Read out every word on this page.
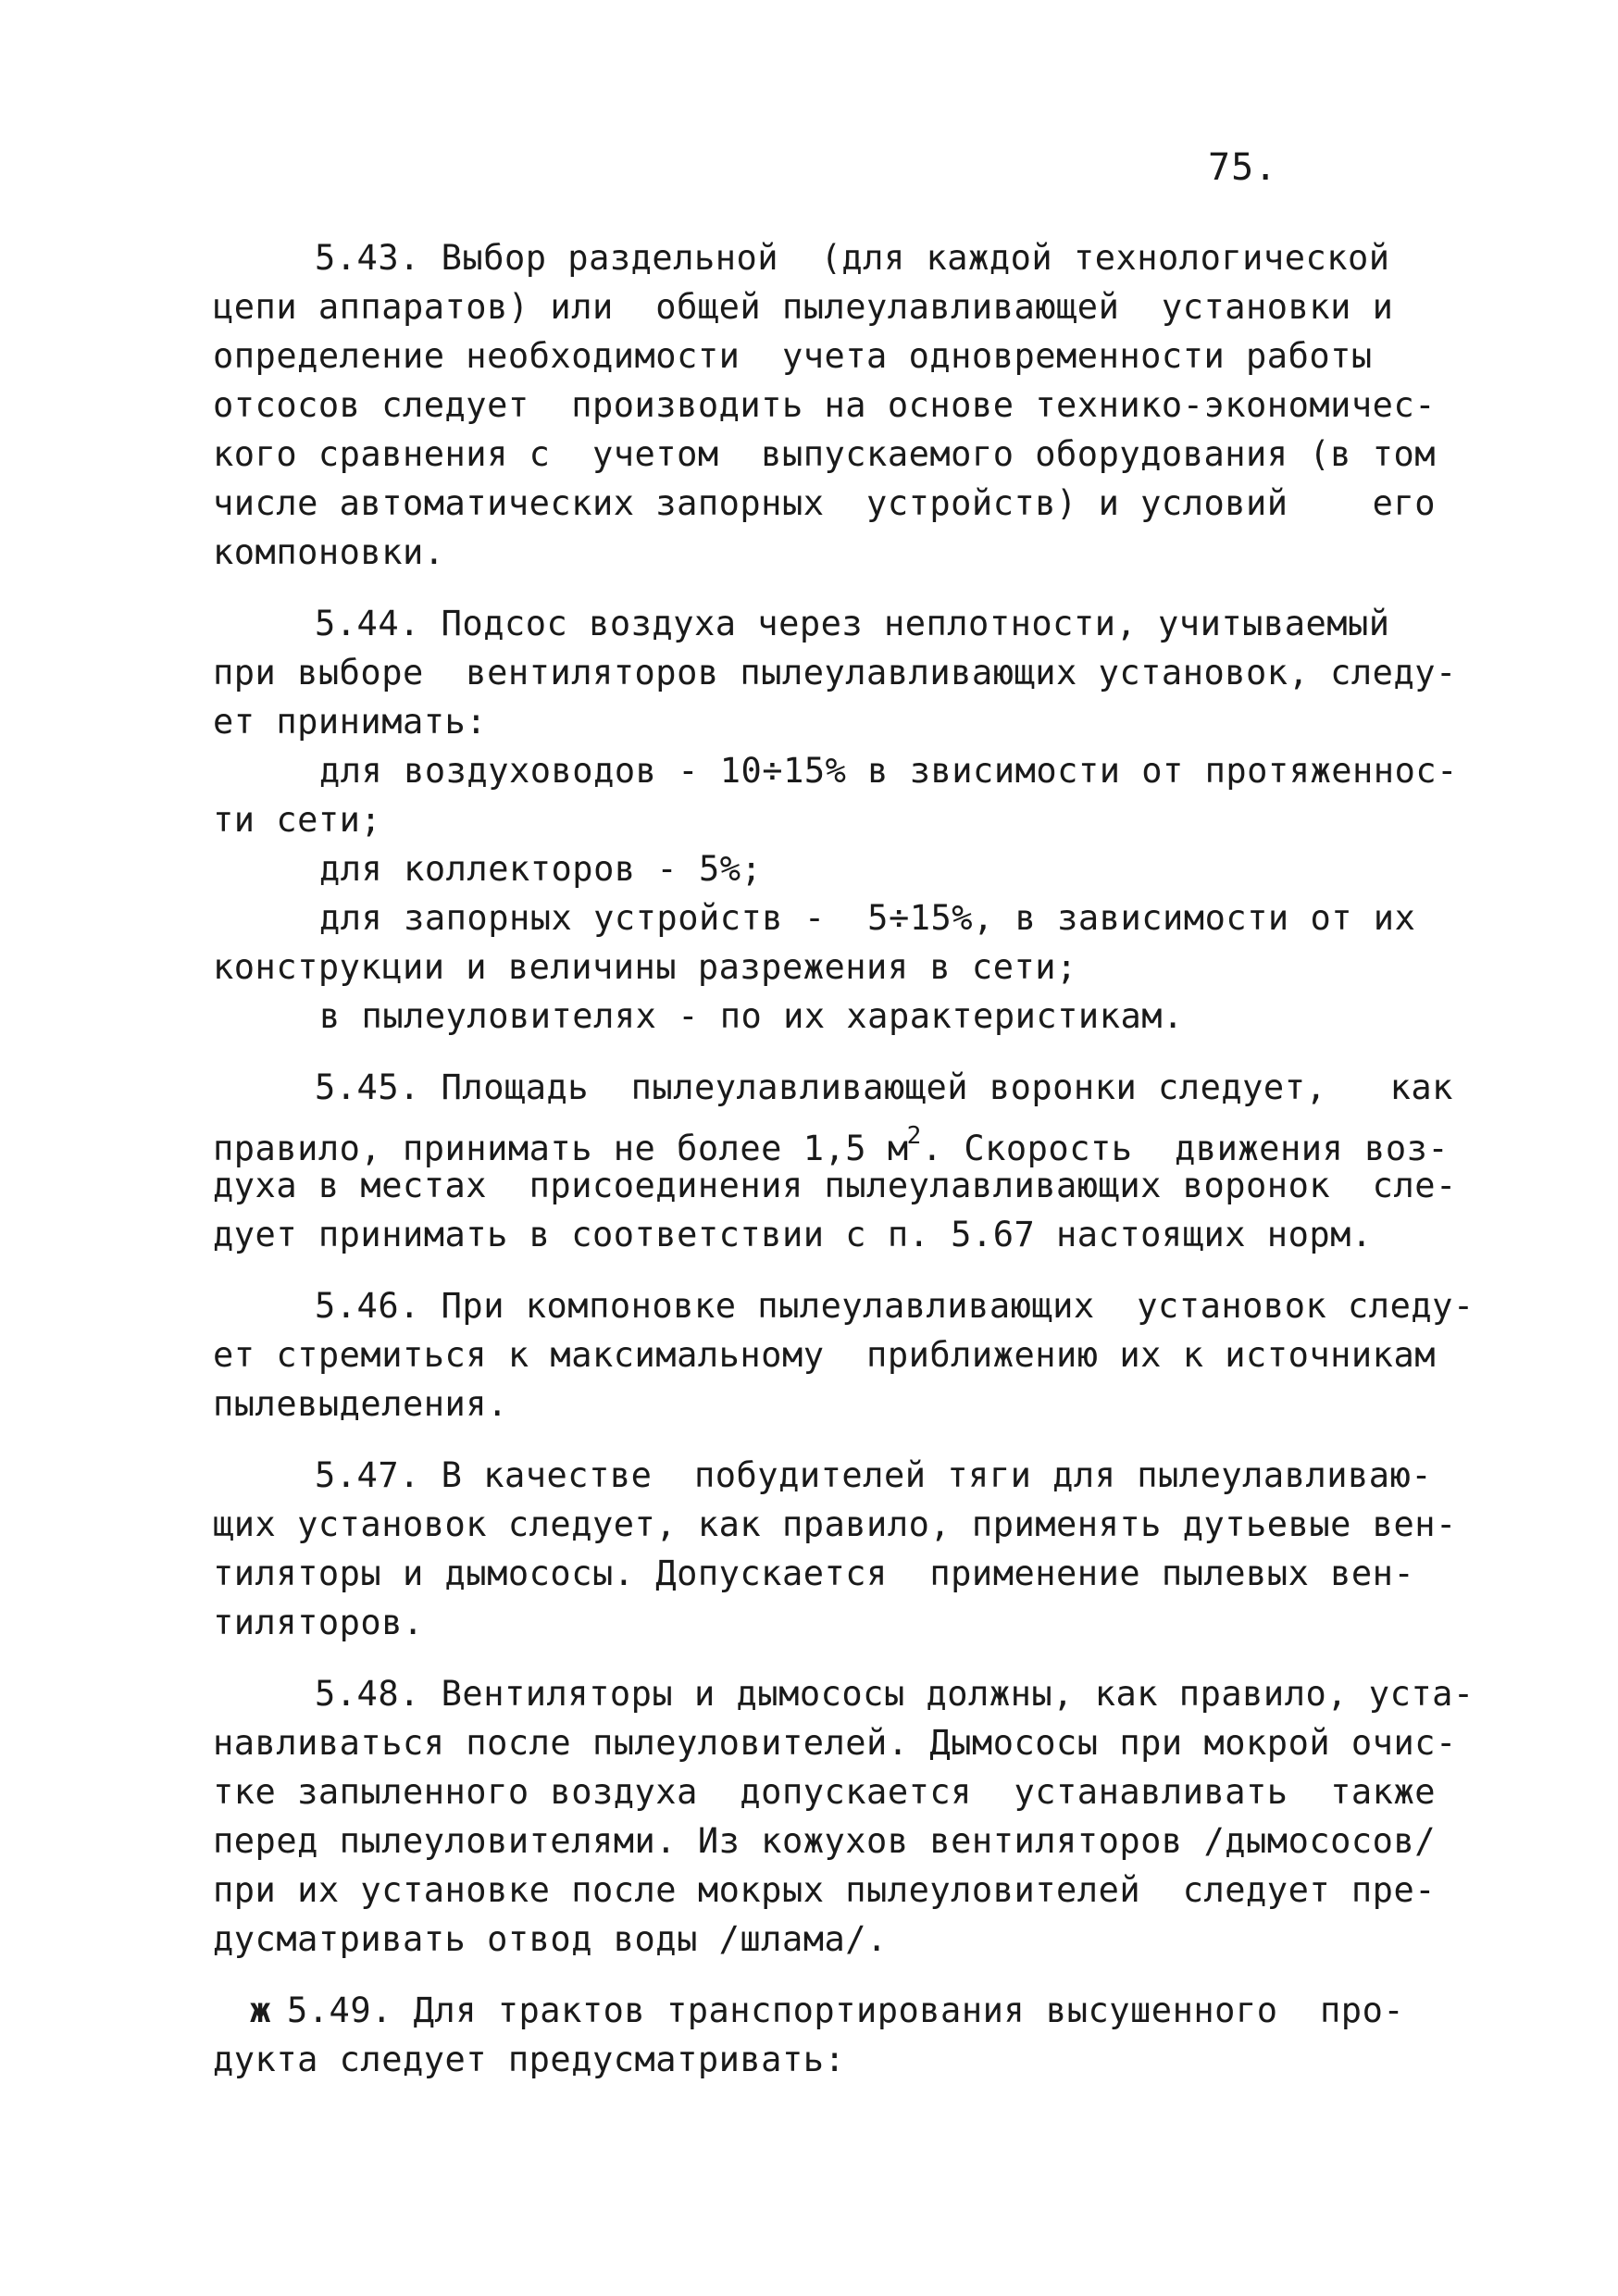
75.
5.43. Выбор раздельной  (для каждой технологической
цепи аппаратов) или  общей пылеулавливающей  установки и
определение необходимости  учета одновременности работы
отсосов следует  производить на основе технико-экономичес-
кого сравнения с  учетом  выпускаемого оборудования (в том
числе автоматических запорных  устройств) и условий    его
компоновки.
5.44. Подсос воздуха через неплотности, учитываемый
при выборе  вентиляторов пылеулавливающих установок, следу-
ет принимать:
для воздуховодов - 10÷15% в звисимости от протяженнос-
ти сети;
для коллекторов - 5%;
для запорных устройств -  5÷15%, в зависимости от их
конструкции и величины разрежения в сети;
в пылеуловителях - по их характеристикам.
5.45. Площадь  пылеулавливающей воронки следует,   как
правило, принимать не более 1,5 $м^2$. Скорость  движения воз-
духа в местах  присоединения пылеулавливающих воронок  сле-
дует принимать в соответствии с п. 5.67 настоящих норм.
5.46. При компоновке пылеулавливающих  установок следу-
ет стремиться к максимальному  приближению их к источникам
пылевыделения.
5.47. В качестве  побудителей тяги для пылеулавливаю-
щих установок следует, как правило, применять дутьевые вен-
тиляторы и дымососы. Допускается  применение пылевых вен-
тиляторов.
5.48. Вентиляторы и дымососы должны, как правило, уста-
навливаться после пылеуловителей. Дымососы при мокрой очис-
тке запыленного воздуха  допускается  устанавливать  также
перед пылеуловителями. Из кожухов вентиляторов /дымососов/
при их установке после мокрых пылеуловителей  следует пре-
дусматривать отвод воды /шлама/.
ж 5.49. Для трактов транспортирования высушенного  про-
дукта следует предусматривать:
